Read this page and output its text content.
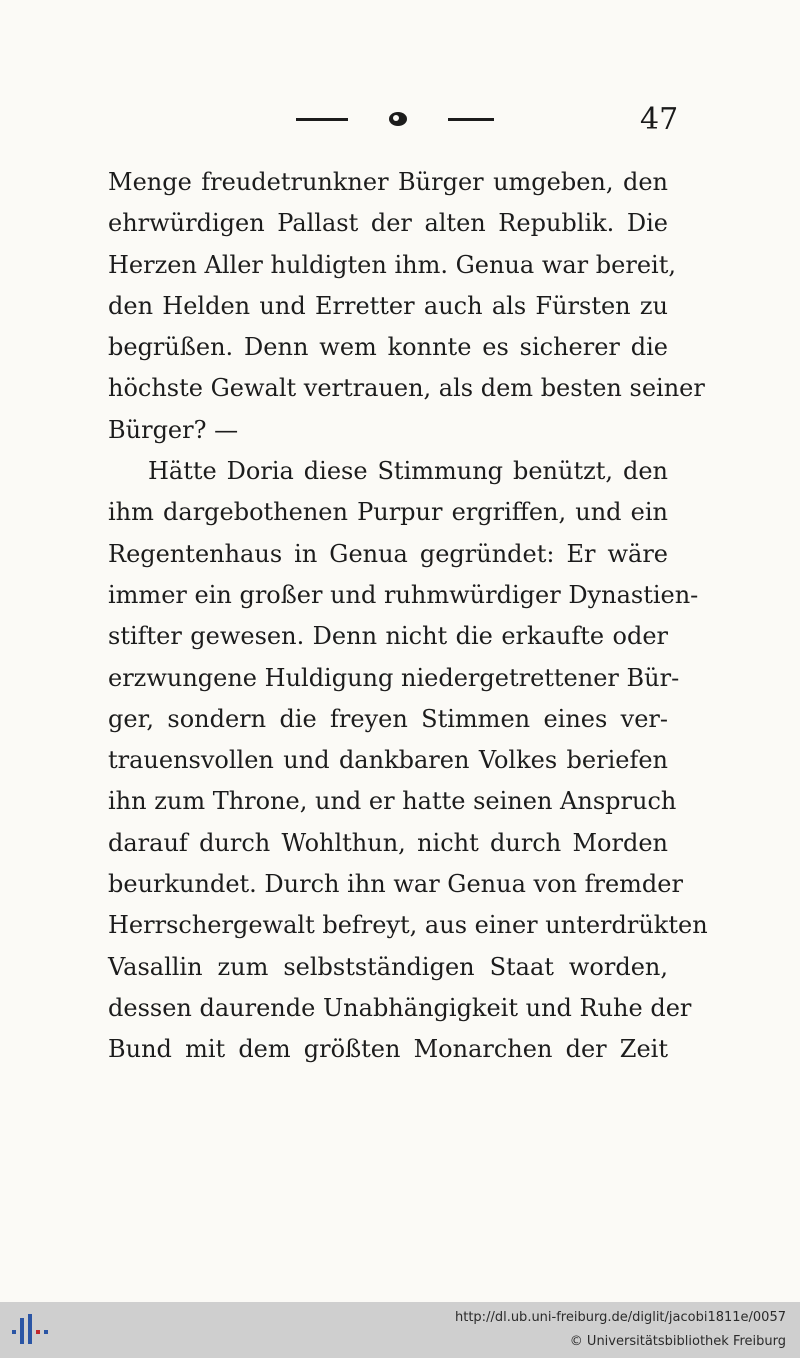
47
Menge freudetrunkner Bürger umgeben, den
ehrwürdigen Pallast der alten Republik. Die
Herzen Aller huldigten ihm. Genua war bereit,
den Helden und Erretter auch als Fürsten zu
begrüßen. Denn wem konnte es sicherer die
höchste Gewalt vertrauen, als dem besten seiner
Bürger? —
Hätte Doria diese Stimmung benützt, den
ihm dargebothenen Purpur ergriffen, und ein
Regentenhaus in Genua gegründet: Er wäre
immer ein großer und ruhmwürdiger Dynastien-
stifter gewesen. Denn nicht die erkaufte oder
erzwungene Huldigung niedergetrettener Bür-
ger, sondern die freyen Stimmen eines ver-
trauensvollen und dankbaren Volkes beriefen
ihn zum Throne, und er hatte seinen Anspruch
darauf durch Wohlthun, nicht durch Morden
beurkundet. Durch ihn war Genua von fremder
Herrschergewalt befreyt, aus einer unterdrükten
Vasallin zum selbstständigen Staat worden,
dessen daurende Unabhängigkeit und Ruhe der
Bund mit dem größten Monarchen der Zeit
http://dl.ub.uni-freiburg.de/diglit/jacobi1811e/0057
© Universitätsbibliothek Freiburg
